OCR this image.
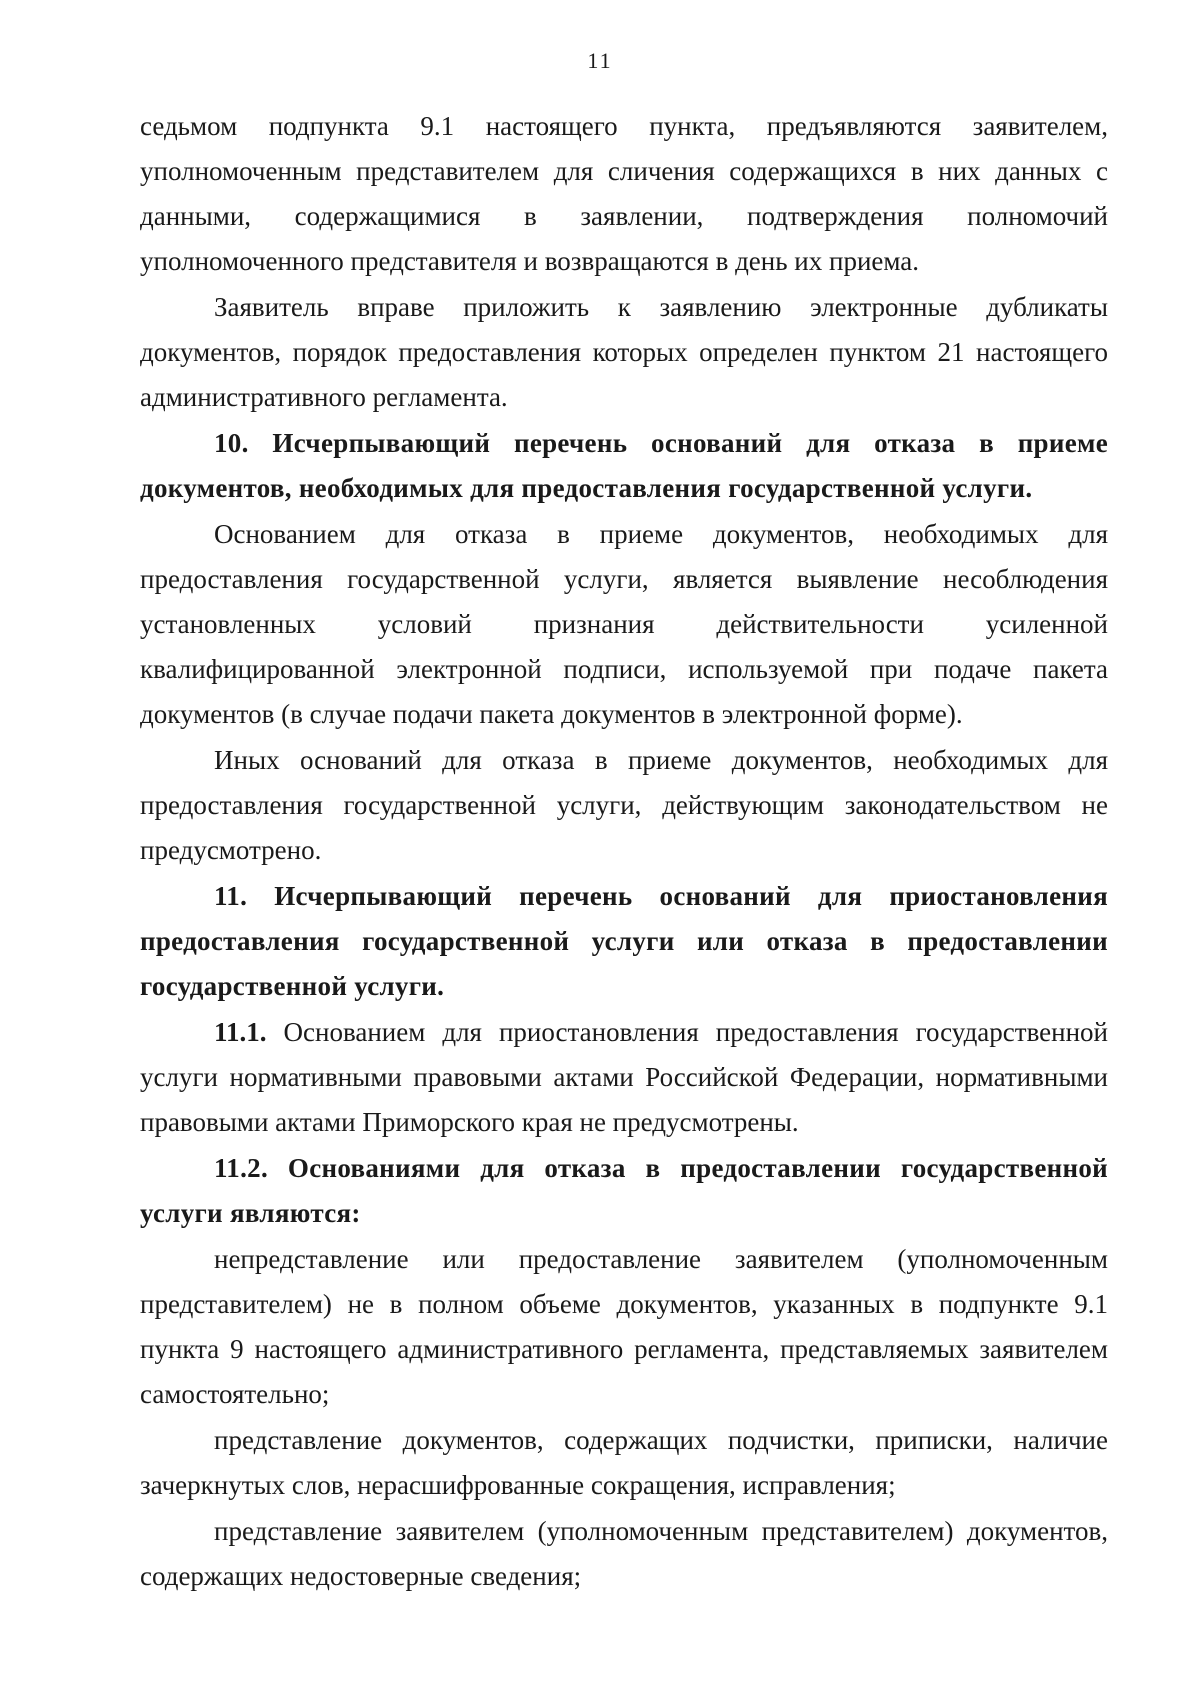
11

седьмом подпункта 9.1 настоящего пункта, предъявляются заявителем, уполномоченным представителем для сличения содержащихся в них данных с данными, содержащимися в заявлении, подтверждения полномочий уполномоченного представителя и возвращаются в день их приема.

Заявитель вправе приложить к заявлению электронные дубликаты документов, порядок предоставления которых определен пунктом 21 настоящего административного регламента.

10. Исчерпывающий перечень оснований для отказа в приеме документов, необходимых для предоставления государственной услуги.

Основанием для отказа в приеме документов, необходимых для предоставления государственной услуги, является выявление несоблюдения установленных условий признания действительности усиленной квалифицированной электронной подписи, используемой при подаче пакета документов (в случае подачи пакета документов в электронной форме).

Иных оснований для отказа в приеме документов, необходимых для предоставления государственной услуги, действующим законодательством не предусмотрено.

11. Исчерпывающий перечень оснований для приостановления предоставления государственной услуги или отказа в предоставлении государственной услуги.

11.1. Основанием для приостановления предоставления государственной услуги нормативными правовыми актами Российской Федерации, нормативными правовыми актами Приморского края не предусмотрены.

11.2. Основаниями для отказа в предоставлении государственной услуги являются:

непредставление или предоставление заявителем (уполномоченным представителем) не в полном объеме документов, указанных в подпункте 9.1 пункта 9 настоящего административного регламента, представляемых заявителем самостоятельно;

представление документов, содержащих подчистки, приписки, наличие зачеркнутых слов, нерасшифрованные сокращения, исправления;

представление заявителем (уполномоченным представителем) документов, содержащих недостоверные сведения;
